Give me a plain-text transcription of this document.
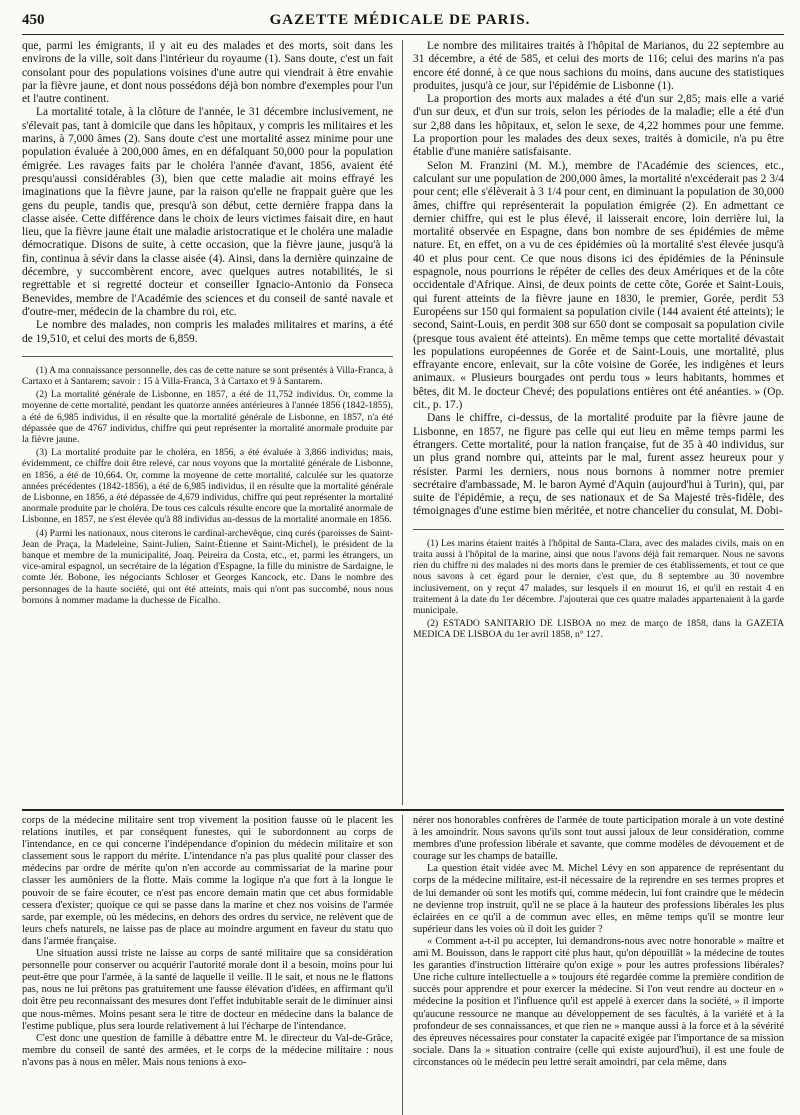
450	GAZETTE MÉDICALE DE PARIS.

que, parmi les émigrants, il y ait eu des malades et des morts, soit dans les environs de la ville, soit dans l'intérieur du royaume (1). Sans doute, c'est un fait consolant pour des populations voisines d'une autre qui viendrait à être envahie par la fièvre jaune, et dont nous possédons déjà bon nombre d'exemples pour l'un et l'autre continent.

La mortalité totale, à la clôture de l'année, le 31 décembre inclusivement, ne s'élevait pas, tant à domicile que dans les hôpitaux, y compris les militaires et les marins, à 7,000 âmes (2). Sans doute c'est une mortalité assez minime pour une population évaluée à 200,000 âmes, en en défalquant 50,000 pour la population émigrée. Les ravages faits par le choléra l'année d'avant, 1856, avaient été presqu'aussi considérables (3), bien que cette maladie ait moins effrayé les imaginations que la fièvre jaune, par la raison qu'elle ne frappait guère que les gens du peuple, tandis que, presqu'à son début, cette dernière frappa dans la classe aisée. Cette différence dans le choix de leurs victimes faisait dire, en haut lieu, que la fièvre jaune était une maladie aristocratique et le choléra une maladie démocratique. Disons de suite, à cette occasion, que la fièvre jaune, jusqu'à la fin, continua à sévir dans la classe aisée (4). Ainsi, dans la dernière quinzaine de décembre, y succombèrent encore, avec quelques autres notabilités, le si regrettable et si regretté docteur et conseiller Ignacio-Antonio da Fonseca Benevides, membre de l'Académie des sciences et du conseil de santé navale et d'outre-mer, médecin de la chambre du roi, etc.

Le nombre des malades, non compris les malades militaires et marins, a été de 19,510, et celui des morts de 6,859.

(1) A ma connaissance personnelle, des cas de cette nature se sont présentés à Villa-Franca, à Cartaxo et à Santarem; savoir : 15 à Villa-Franca, 3 à Cartaxo et 9 à Santarem.

(2) La mortalité générale de Lisbonne, en 1857, a été de 11,752 individus. Or, comme la moyenne de cette mortalité, pendant les quatorze années antérieures à l'année 1856 (1842-1855), a été de 6,985 individus, il en résulte que la mortalité générale de Lisbonne, en 1857, n'a été dépassée que de 4767 individus, chiffre qui peut représenter la mortalité anormale produite par la fièvre jaune.

(3) La mortalité produite par le choléra, en 1856, a été évaluée à 3,866 individus; mais, évidemment, ce chiffre doit être relevé, car nous voyons que la mortalité générale de Lisbonne, en 1856, a été de 10,664. Or, comme la moyenne de cette mortalité, calculée sur les quatorze années précédentes (1842-1856), a été de 6,985 individus, il en résulte que la mortalité générale de Lisbonne, en 1856, a été dépassée de 4,679 individus, chiffre qui peut représenter la mortalité anormale produite par le choléra. De tous ces calculs résulte encore que la mortalité anormale de Lisbonne, en 1857, ne s'est élevée qu'à 88 individus au-dessus de la mortalité anormale en 1856.

(4) Parmi les nationaux, nous citerons le cardinal-archevêque, cinq curés (paroisses de Saint-Jean de Praça, la Madeleine, Saint-Julien, Saint-Étienne et Saint-Michel), le président de la banque et membre de la municipalité, Joaq. Peireira da Costa, etc., et, parmi les étrangers, un vice-amiral espagnol, un secrétaire de la légation d'Espagne, la fille du ministre de Sardaigne, le comte Jér. Bobone, les négociants Schloser et Georges Kancock, etc. Dans le nombre des personnages de la haute société, qui ont été atteints, mais qui n'ont pas succombé, nous nous bornons à nommer madame la duchesse de Ficalho.

Le nombre des militaires traités à l'hôpital de Marianos, du 22 septembre au 31 décembre, a été de 585, et celui des morts de 116; celui des marins n'a pas encore été donné, à ce que nous sachions du moins, dans aucune des statistiques produites, jusqu'à ce jour, sur l'épidémie de Lisbonne (1).

La proportion des morts aux malades a été d'un sur 2,85; mais elle a varié d'un sur deux, et d'un sur trois, selon les périodes de la maladie; elle a été d'un sur 2,88 dans les hôpitaux, et, selon le sexe, de 4,22 hommes pour une femme. La proportion pour les malades des deux sexes, traités à domicile, n'a pu être établie d'une manière satisfaisante.

Selon M. Franzini (M. M.), membre de l'Académie des sciences, etc., calculant sur une population de 200,000 âmes, la mortalité n'excéderait pas 2 3/4 pour cent; elle s'élèverait à 3 1/4 pour cent, en diminuant la population de 30,000 âmes, chiffre qui représenterait la population émigrée (2). En admettant ce dernier chiffre, qui est le plus élevé, il laisserait encore, loin derrière lui, la mortalité observée en Espagne, dans bon nombre de ses épidémies de même nature. Et, en effet, on a vu de ces épidémies où la mortalité s'est élevée jusqu'à 40 et plus pour cent. Ce que nous disons ici des épidémies de la Péninsule espagnole, nous pourrions le répéter de celles des deux Amériques et de la côte occidentale d'Afrique. Ainsi, de deux points de cette côte, Gorée et Saint-Louis, qui furent atteints de la fièvre jaune en 1830, le premier, Gorée, perdit 53 Européens sur 150 qui formaient sa population civile (144 avaient été atteints); le second, Saint-Louis, en perdit 308 sur 650 dont se composait sa population civile (presque tous avaient été atteints). En même temps que cette mortalité dévastait les populations européennes de Gorée et de Saint-Louis, une mortalité, plus effrayante encore, enlevait, sur la côte voisine de Gorée, les indigènes et leurs animaux. « Plusieurs bourgades ont perdu tous » leurs habitants, hommes et bêtes, dit M. le docteur Chevé; des populations entières ont été anéanties. » (Op. cit., p. 17.)

Dans le chiffre, ci-dessus, de la mortalité produite par la fièvre jaune de Lisbonne, en 1857, ne figure pas celle qui eut lieu en même temps parmi les étrangers. Cette mortalité, pour la nation française, fut de 35 à 40 individus, sur un plus grand nombre qui, atteints par le mal, furent assez heureux pour y résister. Parmi les derniers, nous nous bornons à nommer notre premier secrétaire d'ambassade, M. le baron Aymé d'Aquin (aujourd'hui à Turin), qui, par suite de l'épidémie, a reçu, de ses nationaux et de Sa Majesté très-fidèle, des témoignages d'une estime bien méritée, et notre chancelier du consulat, M. Dobi-

(1) Les marins étaient traités à l'hôpital de Santa-Clara, avec des malades civils, mais on en traita aussi à l'hôpital de la marine, ainsi que nous l'avons déjà fait remarquer. Nous ne savons rien du chiffre ni des malades ni des morts dans le premier de ces établissements, et tout ce que nous savons à cet égard pour le dernier, c'est que, du 8 septembre au 30 novembre inclusivement, on y reçut 47 malades, sur lesquels il en mourut 16, et qu'il en restait 4 en traitement à la date du 1er décembre. J'ajouterai que ces quatre malades appartenaient à la garde municipale.

(2) ESTADO SANITARIO DE LISBOA no mez de março de 1858, dans la GAZETA MEDICA DE LISBOA du 1er avril 1858, n° 127.

corps de la médecine militaire sent trop vivement la position fausse où le placent les relations inutiles, et par conséquent funestes, qui le subordonnent au corps de l'intendance, en ce qui concerne l'indépendance d'opinion du médecin militaire et son classement sous le rapport du mérite. L'intendance n'a pas plus qualité pour classer des médecins par ordre de mérite qu'on n'en accorde au commissariat de la marine pour classer les aumôniers de la flotte. Mais comme la logique n'a que fort à la longue le pouvoir de se faire écouter, ce n'est pas encore demain matin que cet abus formidable cessera d'exister; quoique ce qui se passe dans la marine et chez nos voisins de l'armée sarde, par exemple, où les médecins, en dehors des ordres du service, ne relèvent que de leurs chefs naturels, ne laisse pas de place au moindre argument en faveur du statu quo dans l'armée française.

Une situation aussi triste ne laisse au corps de santé militaire que sa considération personnelle pour conserver ou acquérir l'autorité morale dont il a besoin, moins pour lui peut-être que pour l'armée, à la santé de laquelle il veille. Il le sait, et nous ne le flattons pas, nous ne lui prêtons pas gratuitement une fausse élévation d'idées, en affirmant qu'il doit être peu reconnaissant des mesures dont l'effet indubitable serait de le diminuer ainsi que nous-mêmes. Moins pesant sera le titre de docteur en médecine dans la balance de l'estime publique, plus sera lourde relativement à lui l'écharpe de l'intendance.

C'est donc une question de famille à débattre entre M. le directeur du Val-de-Grâce, membre du conseil de santé des armées, et le corps de la médecine militaire : nous n'avons pas à nous en mêler. Mais nous tenions à exo-

nérer nos honorables confrères de l'armée de toute participation morale à un vote destiné à les amoindrir. Nous savons qu'ils sont tout aussi jaloux de leur considération, comme membres d'une profession libérale et savante, que comme modèles de dévouement et de courage sur les champs de bataille.

La question était vidée avec M. Michel Lévy en son apparence de représentant du corps de la médecine militaire, est-il nécessaire de la reprendre en ses termes propres et de lui demander où sont les motifs qui, comme médecin, lui font craindre que le médecin ne devienne trop instruit, qu'il ne se place à la hauteur des professions libérales les plus éclairées en ce qu'il a de commun avec elles, en même temps qu'il se montre leur supérieur dans les voies où il doit les guider ?

« Comment a-t-il pu accepter, lui demandrons-nous avec notre honorable » maître et ami M. Bouisson, dans le rapport cité plus haut, qu'on dépouillât » la médecine de toutes les garanties d'instruction littéraire qu'on exige » pour les autres professions libérales? Une riche culture intellectuelle a » toujours été regardée comme la première condition de succès pour apprendre et pour exercer la médecine. Si l'on veut rendre au docteur en » médecine la position et l'influence qu'il est appelé à exercer dans la société, » il importe qu'aucune ressource ne manque au développement de ses facultés, à la variété et à la profondeur de ses connaissances, et que rien ne » manque aussi à la force et à la sévérité des épreuves nécessaires pour constater la capacité exigée par l'importance de sa mission sociale. Dans la » situation contraire (celle qui existe aujourd'hui), il est une foule de circonstances où le médecin peu lettré serait amoindri, par cela même, dans
